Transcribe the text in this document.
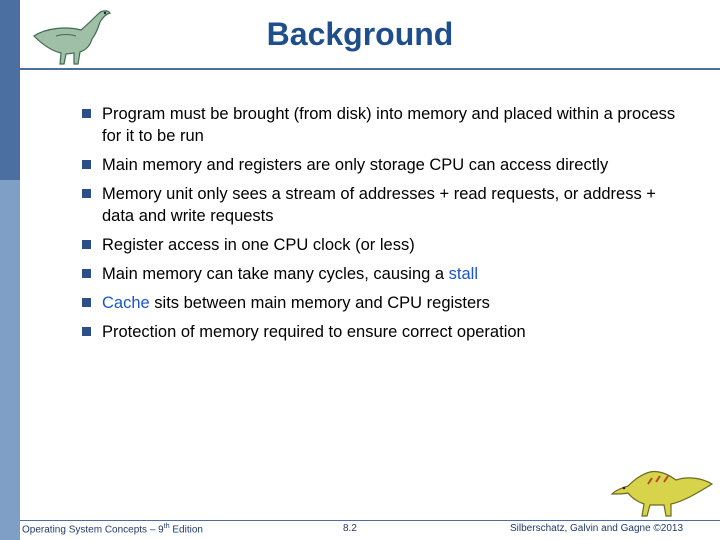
Background
Program must be brought (from disk) into memory and placed within a process for it to be run
Main memory and registers are only storage CPU can access directly
Memory unit only sees a stream of addresses + read requests, or address + data and write requests
Register access in one CPU clock (or less)
Main memory can take many cycles, causing a stall
Cache sits between main memory and CPU registers
Protection of memory required to ensure correct operation
Operating System Concepts – 9th Edition	8.2	Silberschatz, Galvin and Gagne ©2013
